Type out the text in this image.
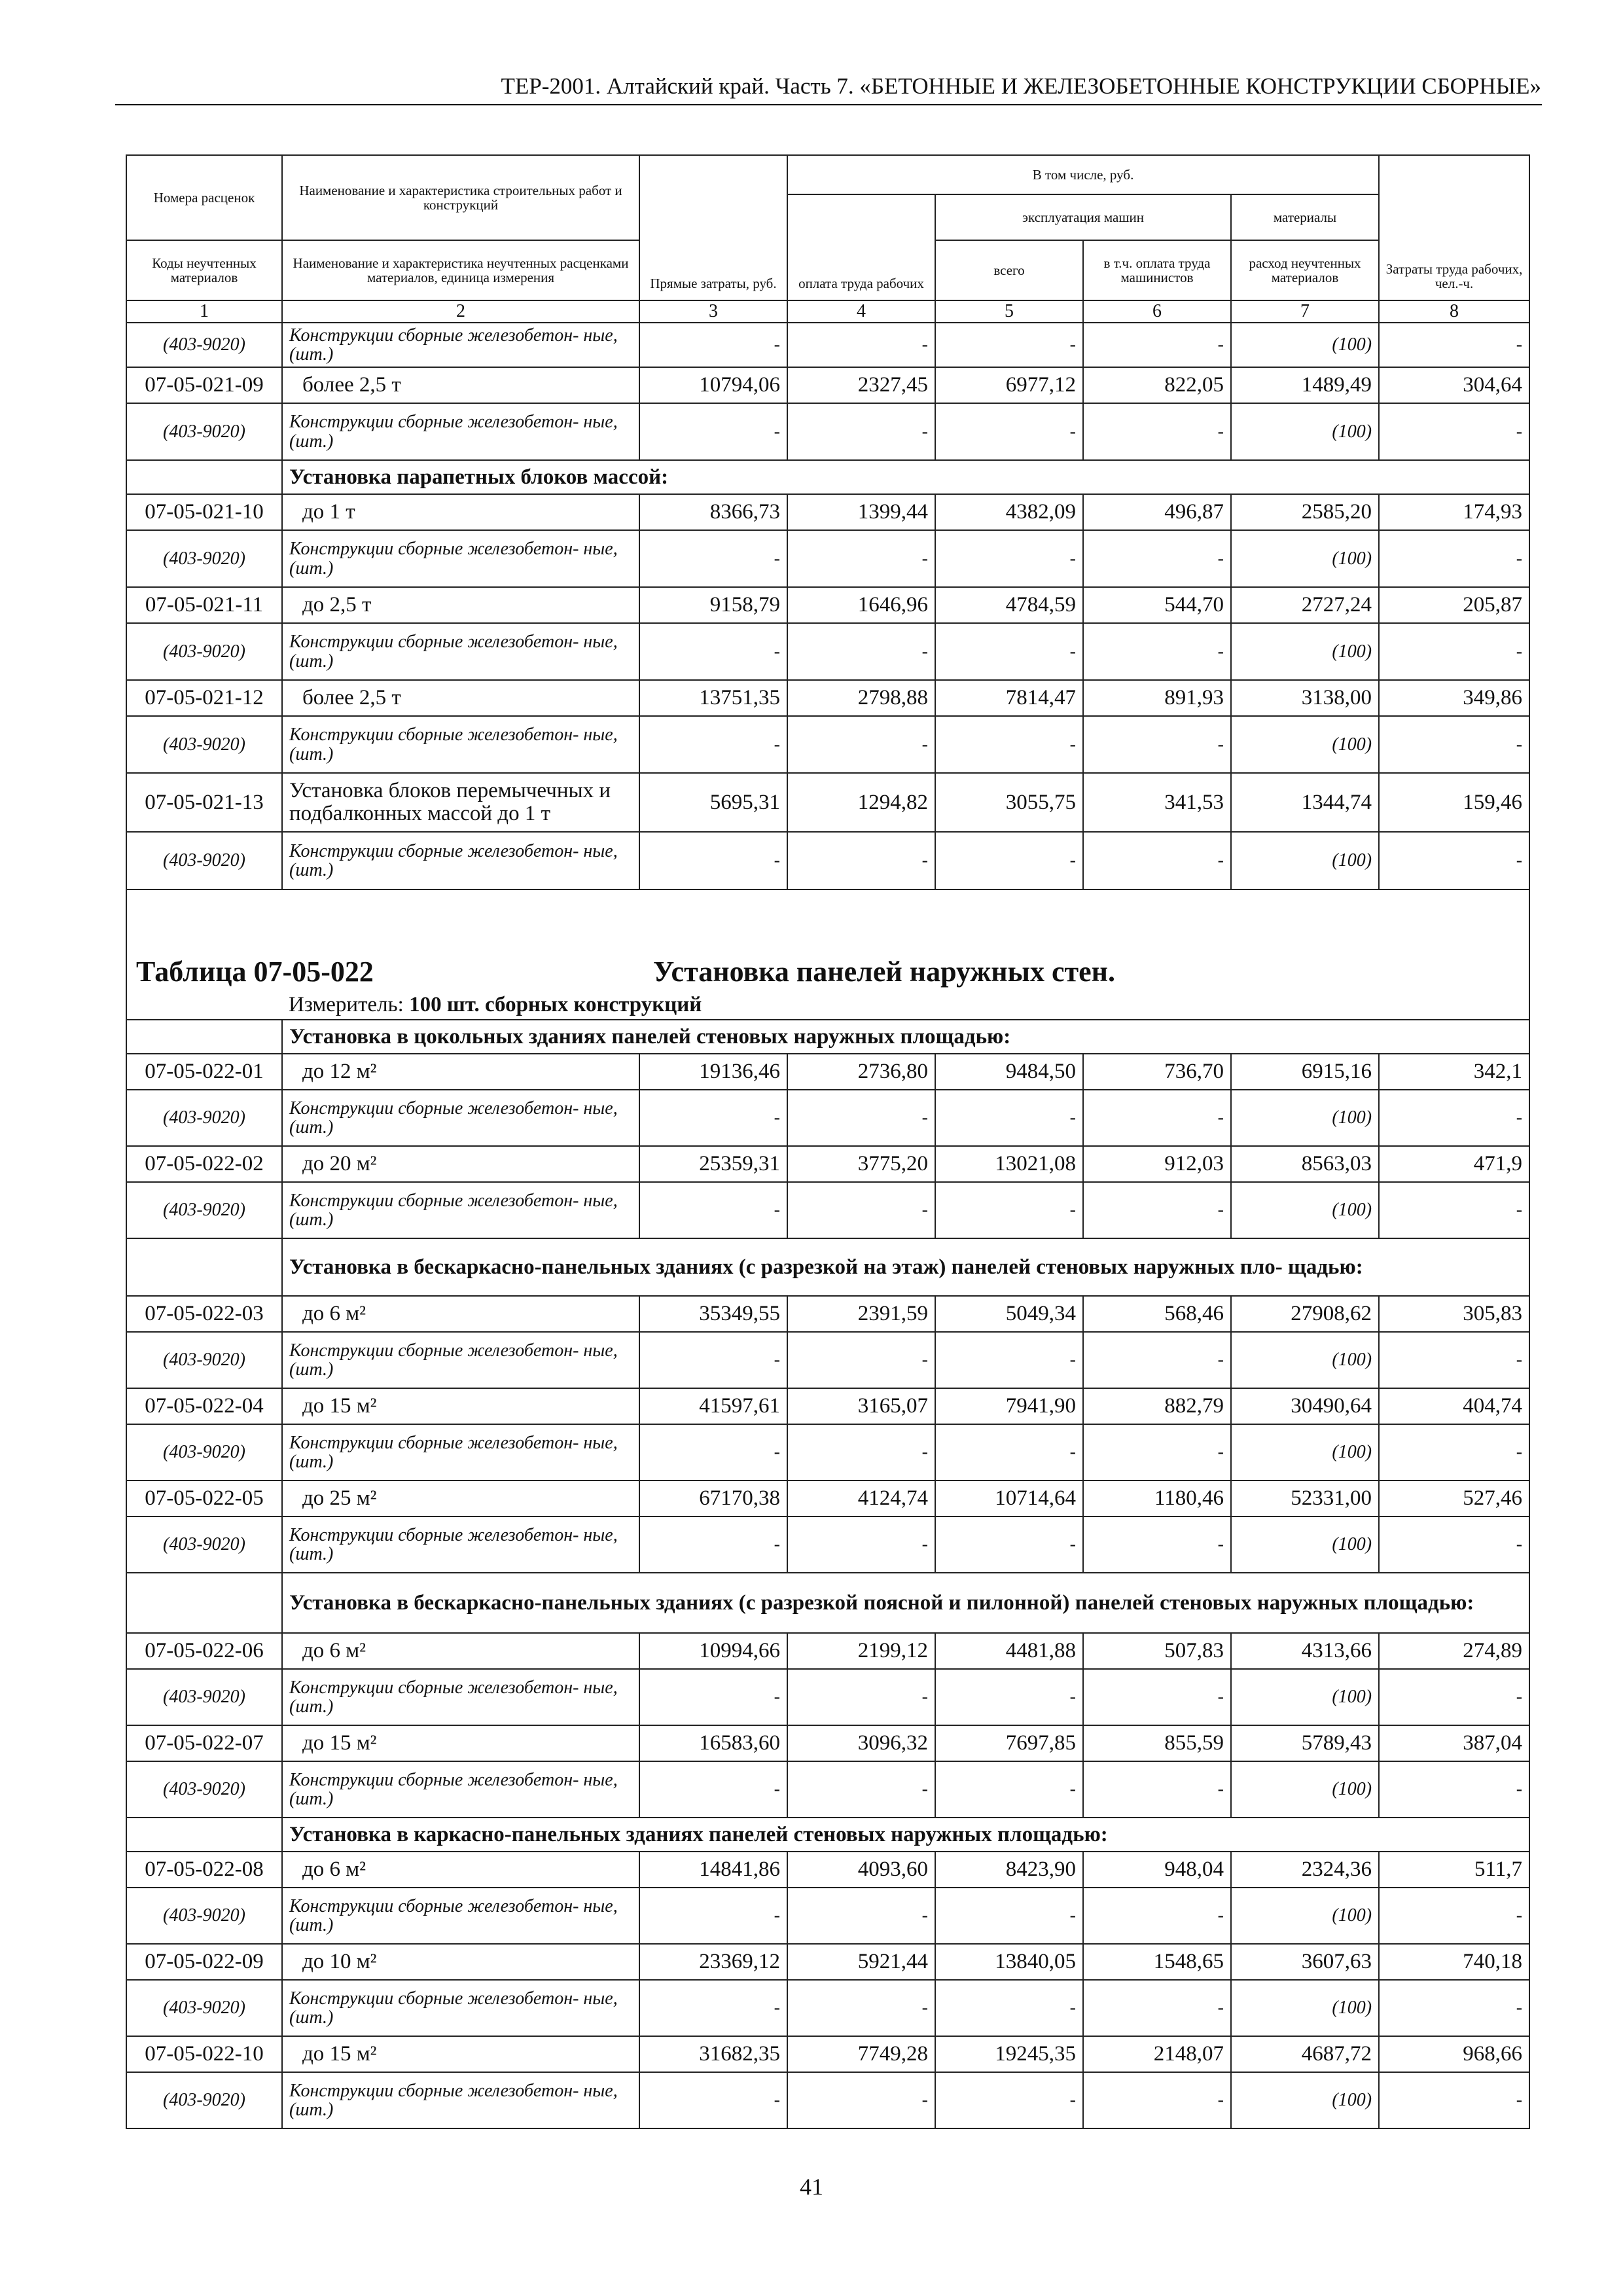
ТЕР-2001. Алтайский край. Часть 7. «БЕТОННЫЕ И ЖЕЛЕЗОБЕТОННЫЕ КОНСТРУКЦИИ СБОРНЫЕ»
Номера расценок	Наименование и характеристика строительных работ и конструкций	Прямые затраты, руб.	В том числе, руб.				Затраты труда рабочих, чел.-ч.
			оплата труда рабочих	эксплуатация машин		материалы	
Коды неучтенных материалов	Наименование и характеристика неучтенных расценками материалов, единица измерения			всего	в т.ч. оплата труда машинистов	расход неучтенных материалов	
1	2	3	4	5	6	7	8
(403-9020)	Конструкции сборные железобетон- ные, (шт.)	-	-	-	-	(100)	-
07-05-021-09	более 2,5 т	10794,06	2327,45	6977,12	822,05	1489,49	304,64
(403-9020)	Конструкции сборные железобетон- ные, (шт.)	-	-	-	-	(100)	-
	Установка парапетных блоков массой:						
07-05-021-10	до 1 т	8366,73	1399,44	4382,09	496,87	2585,20	174,93
(403-9020)	Конструкции сборные железобетон- ные, (шт.)	-	-	-	-	(100)	-
07-05-021-11	до 2,5 т	9158,79	1646,96	4784,59	544,70	2727,24	205,87
(403-9020)	Конструкции сборные железобетон- ные, (шт.)	-	-	-	-	(100)	-
07-05-021-12	более 2,5 т	13751,35	2798,88	7814,47	891,93	3138,00	349,86
(403-9020)	Конструкции сборные железобетон- ные, (шт.)	-	-	-	-	(100)	-
07-05-021-13	Установка блоков перемычечных и подбалконных массой до 1 т	5695,31	1294,82	3055,75	341,53	1344,74	159,46
(403-9020)	Конструкции сборные железобетон- ные, (шт.)	-	-	-	-	(100)	-

Таблица 07-05-022 Установка панелей наружных стен.							

	Измеритель: 100 шт. сборных конструкций						
	Установка в цокольных зданиях панелей стеновых наружных площадью:						
07-05-022-01	до 12 м²	19136,46	2736,80	9484,50	736,70	6915,16	342,1
(403-9020)	Конструкции сборные железобетон- ные, (шт.)	-	-	-	-	(100)	-
07-05-022-02	до 20 м²	25359,31	3775,20	13021,08	912,03	8563,03	471,9
(403-9020)	Конструкции сборные железобетон- ные, (шт.)	-	-	-	-	(100)	-
	Установка в бескаркасно-панельных зданиях (с разрезкой на этаж) панелей стеновых наружных пло- щадью:						
07-05-022-03	до 6 м²	35349,55	2391,59	5049,34	568,46	27908,62	305,83
(403-9020)	Конструкции сборные железобетон- ные, (шт.)	-	-	-	-	(100)	-
07-05-022-04	до 15 м²	41597,61	3165,07	7941,90	882,79	30490,64	404,74
(403-9020)	Конструкции сборные железобетон- ные, (шт.)	-	-	-	-	(100)	-
07-05-022-05	до 25 м²	67170,38	4124,74	10714,64	1180,46	52331,00	527,46
(403-9020)	Конструкции сборные железобетон- ные, (шт.)	-	-	-	-	(100)	-
	Установка в бескаркасно-панельных зданиях (с разрезкой поясной и пилонной) панелей стеновых наружных площадью:						
07-05-022-06	до 6 м²	10994,66	2199,12	4481,88	507,83	4313,66	274,89
(403-9020)	Конструкции сборные железобетон- ные, (шт.)	-	-	-	-	(100)	-
07-05-022-07	до 15 м²	16583,60	3096,32	7697,85	855,59	5789,43	387,04
(403-9020)	Конструкции сборные железобетон- ные, (шт.)	-	-	-	-	(100)	-
	Установка в каркасно-панельных зданиях панелей стеновых наружных площадью:						
07-05-022-08	до 6 м²	14841,86	4093,60	8423,90	948,04	2324,36	511,7
(403-9020)	Конструкции сборные железобетон- ные, (шт.)	-	-	-	-	(100)	-
07-05-022-09	до 10 м²	23369,12	5921,44	13840,05	1548,65	3607,63	740,18
(403-9020)	Конструкции сборные железобетон- ные, (шт.)	-	-	-	-	(100)	-
07-05-022-10	до 15 м²	31682,35	7749,28	19245,35	2148,07	4687,72	968,66
(403-9020)	Конструкции сборные железобетон- ные, (шт.)	-	-	-	-	(100)	-
41
